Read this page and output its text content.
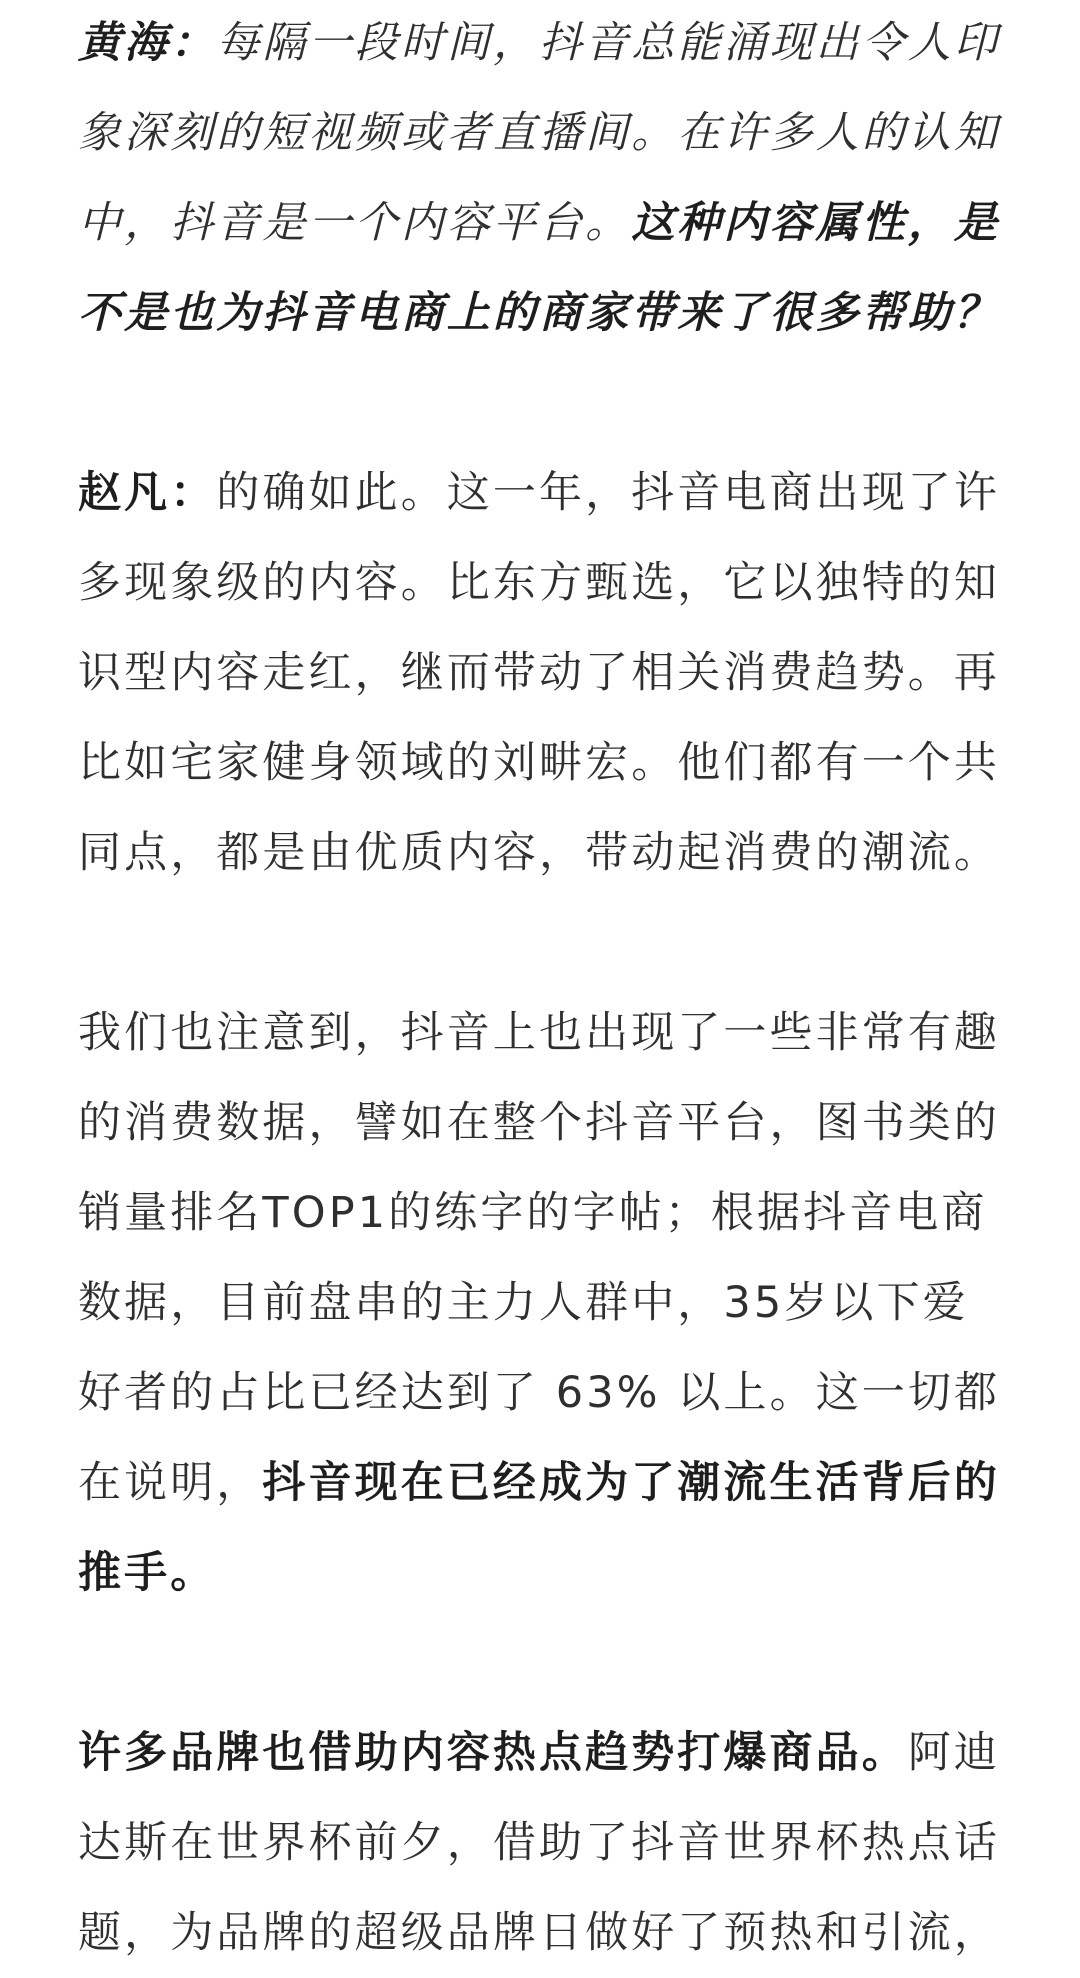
黄海：每隔一段时间，抖音总能涌现出令人印象深刻的短视频或者直播间。在许多人的认知中，抖音是一个内容平台。这种内容属性，是不是也为抖音电商上的商家带来了很多帮助？

赵凡：的确如此。这一年，抖音电商出现了许多现象级的内容。比东方甄选，它以独特的知识型内容走红，继而带动了相关消费趋势。再比如宅家健身领域的刘畊宏。他们都有一个共同点，都是由优质内容，带动起消费的潮流。

我们也注意到，抖音上也出现了一些非常有趣的消费数据，譬如在整个抖音平台，图书类的销量排名TOP1的练字的字帖；根据抖音电商数据，目前盘串的主力人群中，35岁以下爱好者的占比已经达到了 63% 以上。这一切都在说明，抖音现在已经成为了潮流生活背后的推手。

许多品牌也借助内容热点趋势打爆商品。阿迪达斯在世界杯前夕，借助了抖音世界杯热点话题，为品牌的超级品牌日做好了预热和引流，
